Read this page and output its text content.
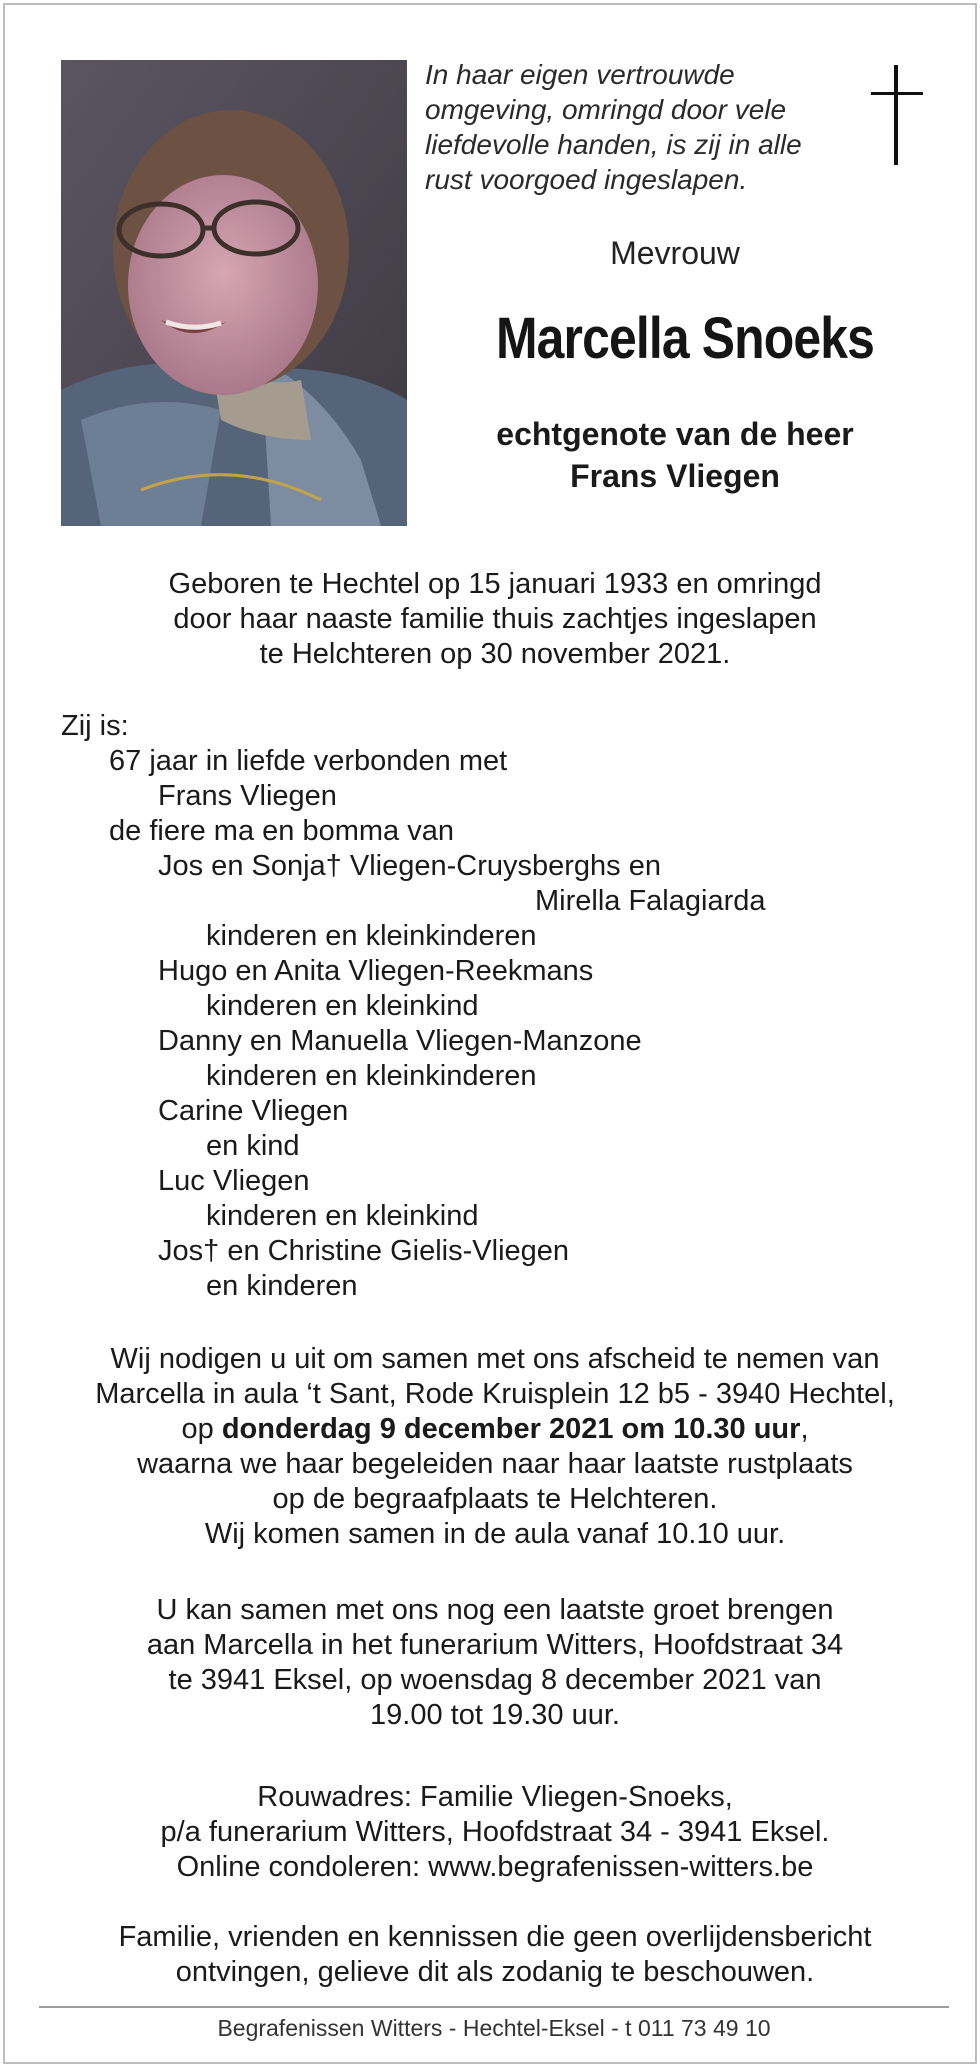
In haar eigen vertrouwde
omgeving, omringd door vele
liefdevolle handen, is zij in alle
rust voorgoed ingeslapen.

Mevrouw

Marcella Snoeks

echtgenote van de heer
Frans Vliegen

Geboren te Hechtel op 15 januari 1933 en omringd
door haar naaste familie thuis zachtjes ingeslapen
te Helchteren op 30 november 2021.

Zij is:
67 jaar in liefde verbonden met
Frans Vliegen
de fiere ma en bomma van
Jos en Sonja† Vliegen-Cruysberghs en
Mirella Falagiarda
kinderen en kleinkinderen
Hugo en Anita Vliegen-Reekmans
kinderen en kleinkind
Danny en Manuella Vliegen-Manzone
kinderen en kleinkinderen
Carine Vliegen
en kind
Luc Vliegen
kinderen en kleinkind
Jos† en Christine Gielis-Vliegen
en kinderen

Wij nodigen u uit om samen met ons afscheid te nemen van
Marcella in aula ‘t Sant, Rode Kruisplein 12 b5 - 3940 Hechtel,
op donderdag 9 december 2021 om 10.30 uur,
waarna we haar begeleiden naar haar laatste rustplaats
op de begraafplaats te Helchteren.
Wij komen samen in de aula vanaf 10.10 uur.

U kan samen met ons nog een laatste groet brengen
aan Marcella in het funerarium Witters, Hoofdstraat 34
te 3941 Eksel, op woensdag 8 december 2021 van
19.00 tot 19.30 uur.

Rouwadres: Familie Vliegen-Snoeks,
p/a funerarium Witters, Hoofdstraat 34 - 3941 Eksel.
Online condoleren: www.begrafenissen-witters.be

Familie, vrienden en kennissen die geen overlijdensbericht
ontvingen, gelieve dit als zodanig te beschouwen.

Begrafenissen Witters - Hechtel-Eksel - t 011 73 49 10
